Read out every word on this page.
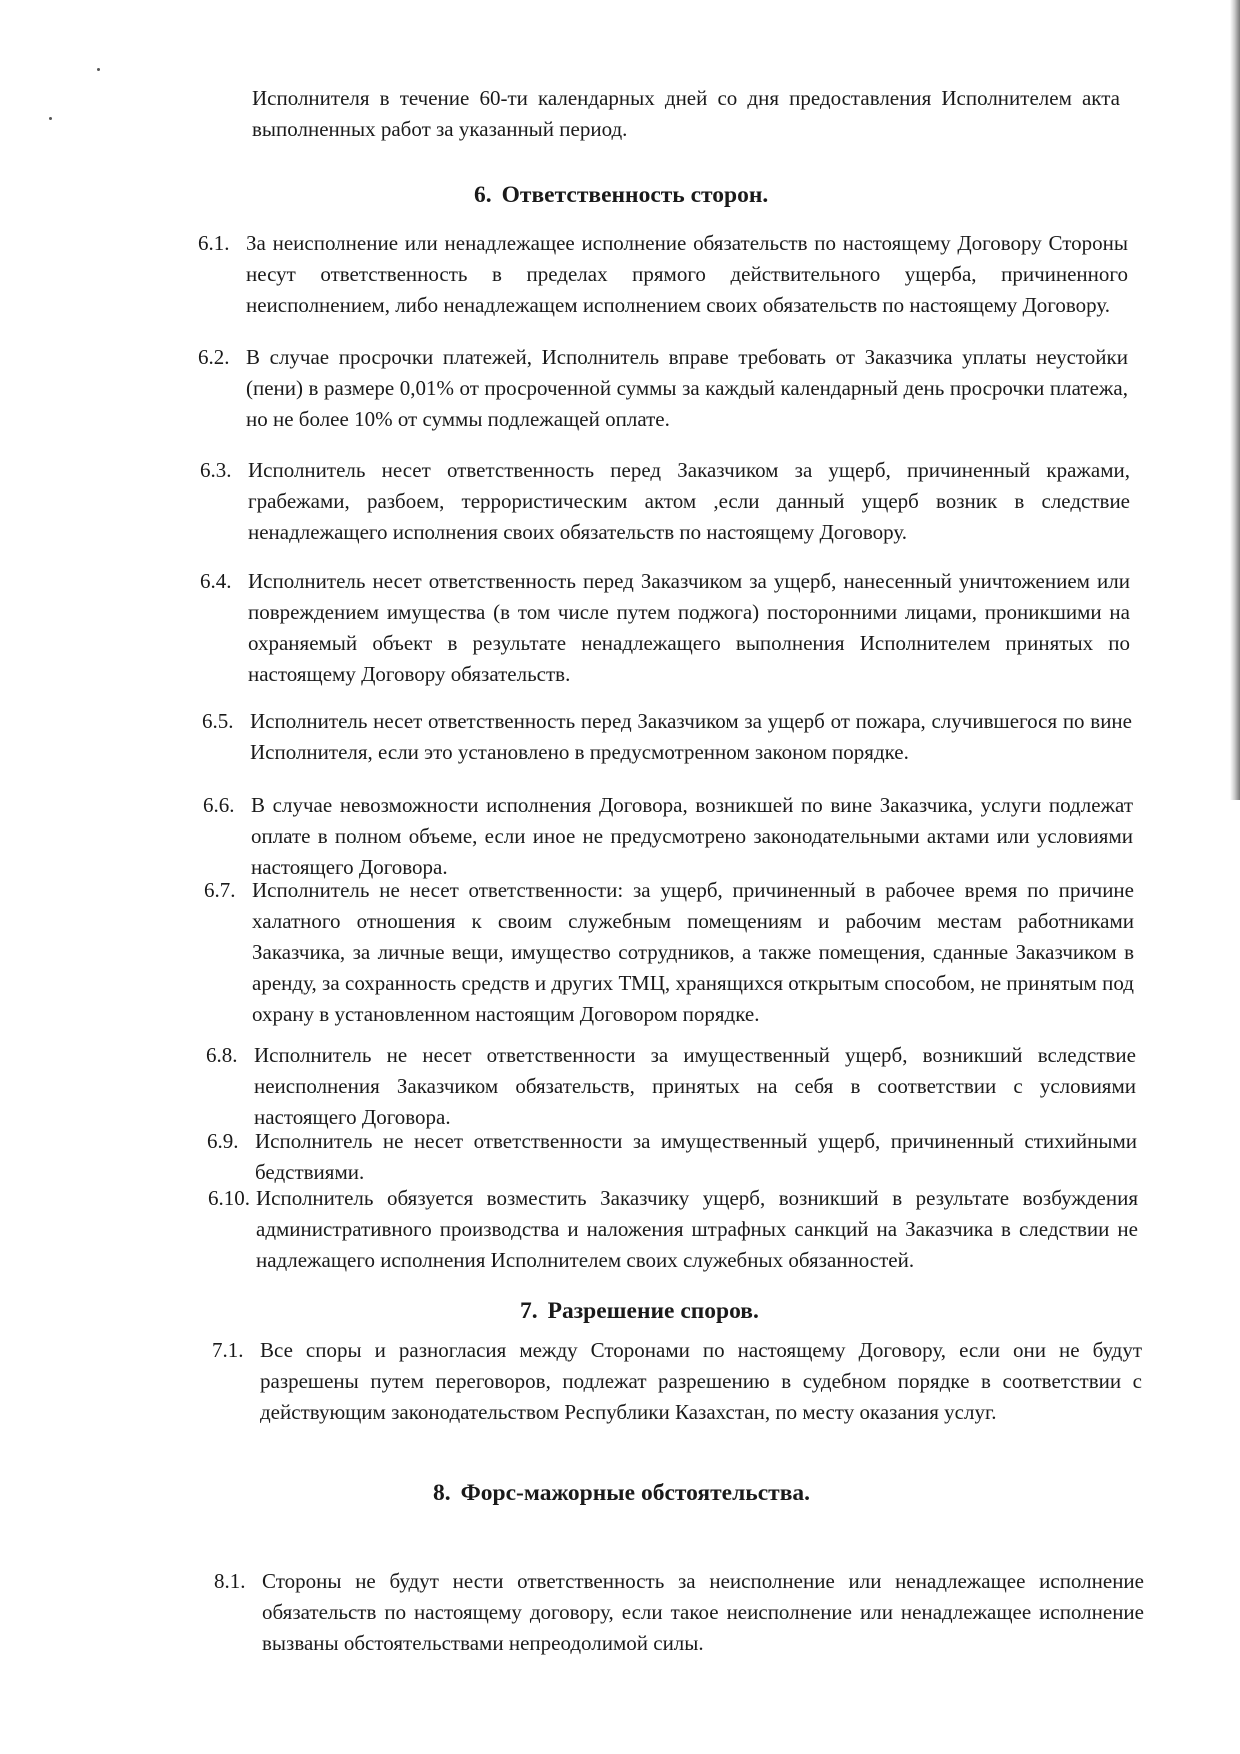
Исполнителя в течение 60-ти календарных дней со дня предоставления Исполнителем акта выполненных работ за указанный период.

6. Ответственность сторон.
6.1. За неисполнение или ненадлежащее исполнение обязательств по настоящему Договору Стороны несут ответственность в пределах прямого действительного ущерба, причиненного неисполнением, либо ненадлежащем исполнением своих обязательств по настоящему Договору.
6.2. В случае просрочки платежей, Исполнитель вправе требовать от Заказчика уплаты неустойки (пени) в размере 0,01% от просроченной суммы за каждый календарный день просрочки платежа, но не более 10% от суммы подлежащей оплате.
6.3. Исполнитель несет ответственность перед Заказчиком за ущерб, причиненный кражами, грабежами, разбоем, террористическим актом ,если данный ущерб возник в следствие ненадлежащего исполнения своих обязательств по настоящему Договору.
6.4. Исполнитель несет ответственность перед Заказчиком за ущерб, нанесенный уничтожением или повреждением имущества (в том числе путем поджога) посторонними лицами, проникшими на охраняемый объект в результате ненадлежащего выполнения Исполнителем принятых по настоящему Договору обязательств.
6.5. Исполнитель несет ответственность перед Заказчиком за ущерб от пожара, случившегося по вине Исполнителя, если это установлено в предусмотренном законом порядке.
6.6. В случае невозможности исполнения Договора, возникшей по вине Заказчика, услуги подлежат оплате в полном объеме, если иное не предусмотрено законодательными актами или условиями настоящего Договора.
6.7. Исполнитель не несет ответственности: за ущерб, причиненный в рабочее время по причине халатного отношения к своим служебным помещениям и рабочим местам работниками Заказчика, за личные вещи, имущество сотрудников, а также помещения, сданные Заказчиком в аренду, за сохранность средств и других ТМЦ, хранящихся открытым способом, не принятым под охрану в установленном настоящим Договором порядке.
6.8. Исполнитель не несет ответственности за имущественный ущерб, возникший вследствие неисполнения Заказчиком обязательств, принятых на себя в соответствии с условиями настоящего Договора.
6.9. Исполнитель не несет ответственности за имущественный ущерб, причиненный стихийными бедствиями.
6.10. Исполнитель обязуется возместить Заказчику ущерб, возникший в результате возбуждения административного производства и наложения штрафных санкций на Заказчика в следствии не надлежащего исполнения Исполнителем своих служебных обязанностей.
7. Разрешение споров.
7.1. Все споры и разногласия между Сторонами по настоящему Договору, если они не будут разрешены путем переговоров, подлежат разрешению в судебном порядке в соответствии с действующим законодательством Республики Казахстан, по месту оказания услуг.
8. Форс-мажорные обстоятельства.
8.1. Стороны не будут нести ответственность за неисполнение или ненадлежащее исполнение обязательств по настоящему договору, если такое неисполнение или ненадлежащее исполнение вызваны обстоятельствами непреодолимой силы.
